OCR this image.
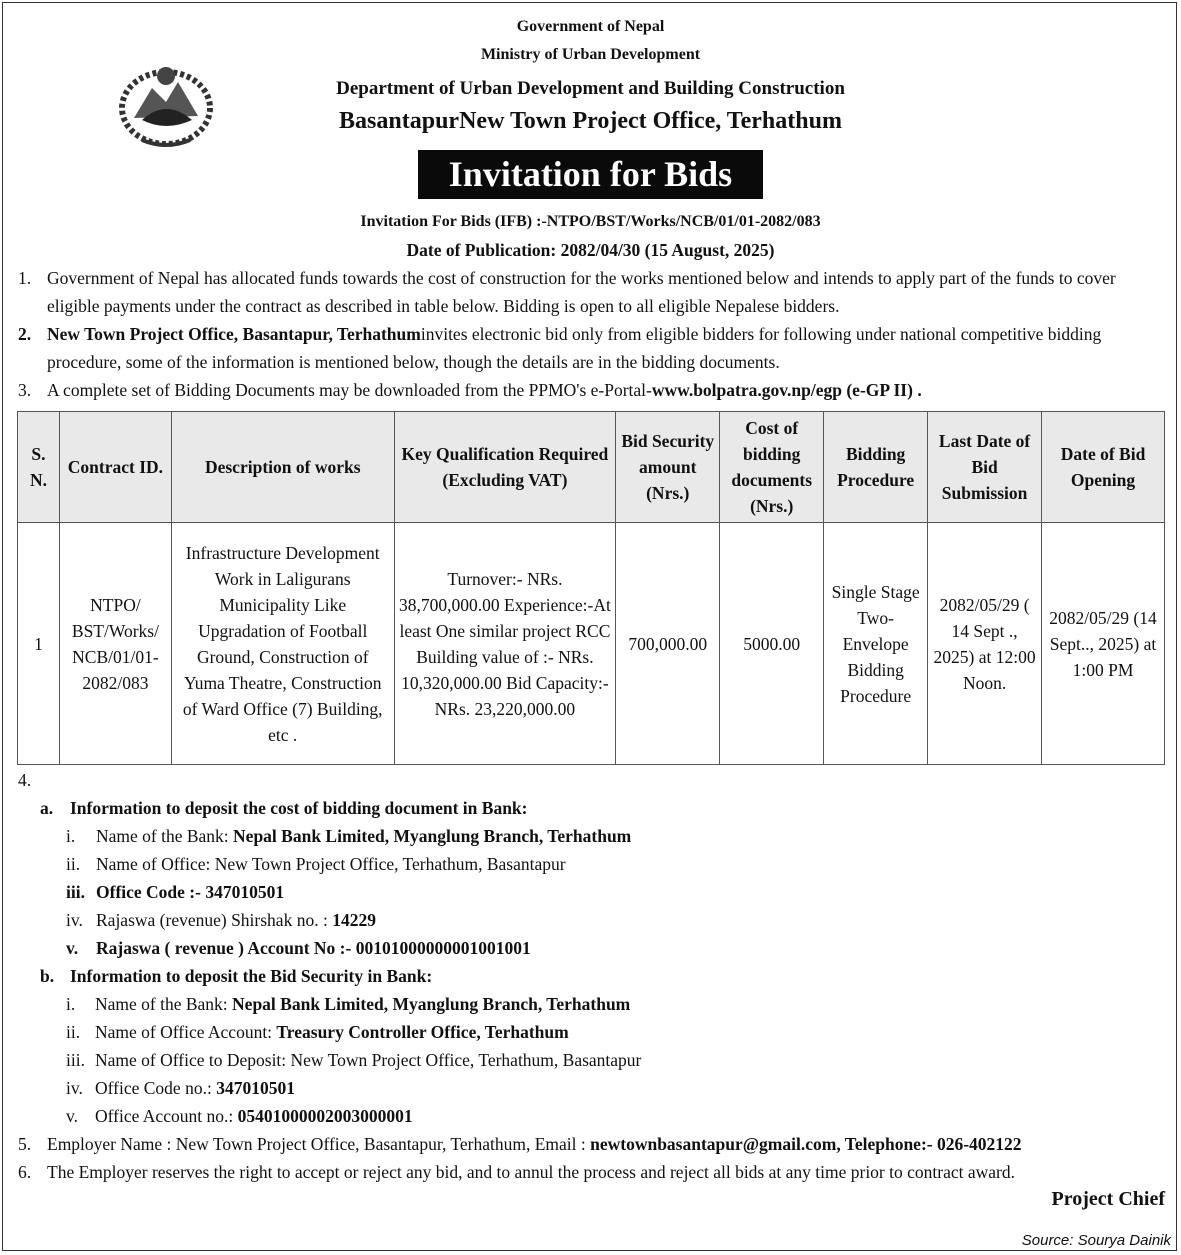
Government of Nepal
Ministry of Urban Development
Department of Urban Development and Building Construction
BasantapurNew Town Project Office, Terhathum
Invitation for Bids
Invitation For Bids (IFB) :-NTPO/BST/Works/NCB/01/01-2082/083
Date of Publication: 2082/04/30 (15 August, 2025)
1. Government of Nepal has allocated funds towards the cost of construction for the works mentioned below and intends to apply part of the funds to cover eligible payments under the contract as described in table below. Bidding is open to all eligible Nepalese bidders.
2. New Town Project Office, Basantapur, Terhathuminvites electronic bid only from eligible bidders for following under national competitive bidding procedure, some of the information is mentioned below, though the details are in the bidding documents.
3. A complete set of Bidding Documents may be downloaded from the PPMO's e-Portal-www.bolpatra.gov.np/egp (e-GP II) .
S. N.	Contract ID.	Description of works	Key Qualification Required (Excluding VAT)	Bid Security amount (Nrs.)	Cost of bidding documents (Nrs.)	Bidding Procedure	Last Date of Bid Submission	Date of Bid Opening
1	NTPO/ BST/Works/ NCB/01/01- 2082/083	Infrastructure Development Work in Laligurans Municipality Like Upgradation of Football Ground, Construction of Yuma Theatre, Construction of Ward Office (7) Building, etc .	Turnover:- NRs. 38,700,000.00 Experience:-At least One similar project RCC Building value of :- NRs. 10,320,000.00 Bid Capacity:- NRs. 23,220,000.00	700,000.00	5000.00	Single Stage Two- Envelope Bidding Procedure	2082/05/29 ( 14 Sept ., 2025) at 12:00 Noon.	2082/05/29 (14 Sept.., 2025) at 1:00 PM
4.
a. Information to deposit the cost of bidding document in Bank:
i. Name of the Bank: Nepal Bank Limited, Myanglung Branch, Terhathum
ii. Name of Office: New Town Project Office, Terhathum, Basantapur
iii. Office Code :- 347010501
iv. Rajaswa (revenue) Shirshak no. : 14229
v. Rajaswa ( revenue ) Account No :- 00101000000001001001
b. Information to deposit the Bid Security in Bank:
i. Name of the Bank: Nepal Bank Limited, Myanglung Branch, Terhathum
ii. Name of Office Account: Treasury Controller Office, Terhathum
iii. Name of Office to Deposit: New Town Project Office, Terhathum, Basantapur
iv. Office Code no.: 347010501
v. Office Account no.: 05401000002003000001
5. Employer Name : New Town Project Office, Basantapur, Terhathum, Email : newtownbasantapur@gmail.com, Telephone:- 026-402122
6. The Employer reserves the right to accept or reject any bid, and to annul the process and reject all bids at any time prior to contract award.
Project Chief
Source: Sourya Dainik
